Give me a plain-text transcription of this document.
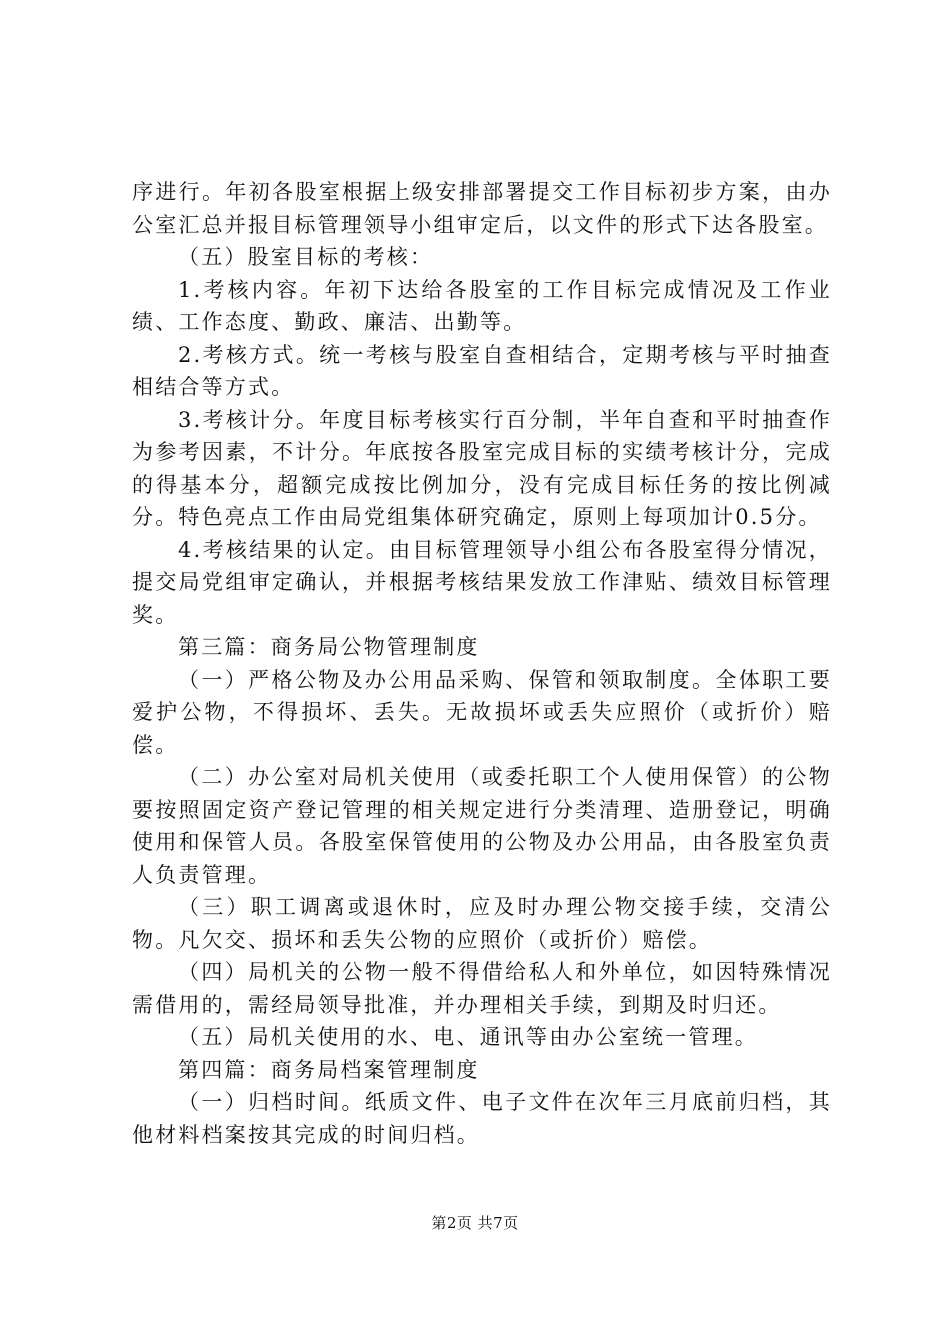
序进行。年初各股室根据上级安排部署提交工作目标初步方案，由办公室汇总并报目标管理领导小组审定后，以文件的形式下达各股室。

（五）股室目标的考核：

1.考核内容。年初下达给各股室的工作目标完成情况及工作业绩、工作态度、勤政、廉洁、出勤等。

2.考核方式。统一考核与股室自查相结合，定期考核与平时抽查相结合等方式。

3.考核计分。年度目标考核实行百分制，半年自查和平时抽查作为参考因素，不计分。年底按各股室完成目标的实绩考核计分，完成的得基本分，超额完成按比例加分，没有完成目标任务的按比例减分。特色亮点工作由局党组集体研究确定，原则上每项加计0.5分。

4.考核结果的认定。由目标管理领导小组公布各股室得分情况，提交局党组审定确认，并根据考核结果发放工作津贴、绩效目标管理奖。

第三篇：商务局公物管理制度

（一）严格公物及办公用品采购、保管和领取制度。全体职工要爱护公物，不得损坏、丢失。无故损坏或丢失应照价（或折价）赔偿。

（二）办公室对局机关使用（或委托职工个人使用保管）的公物要按照固定资产登记管理的相关规定进行分类清理、造册登记，明确使用和保管人员。各股室保管使用的公物及办公用品，由各股室负责人负责管理。

（三）职工调离或退休时，应及时办理公物交接手续，交清公物。凡欠交、损坏和丢失公物的应照价（或折价）赔偿。

（四）局机关的公物一般不得借给私人和外单位，如因特殊情况需借用的，需经局领导批准，并办理相关手续，到期及时归还。

（五）局机关使用的水、电、通讯等由办公室统一管理。

第四篇：商务局档案管理制度

（一）归档时间。纸质文件、电子文件在次年三月底前归档，其他材料档案按其完成的时间归档。

第2页 共7页
